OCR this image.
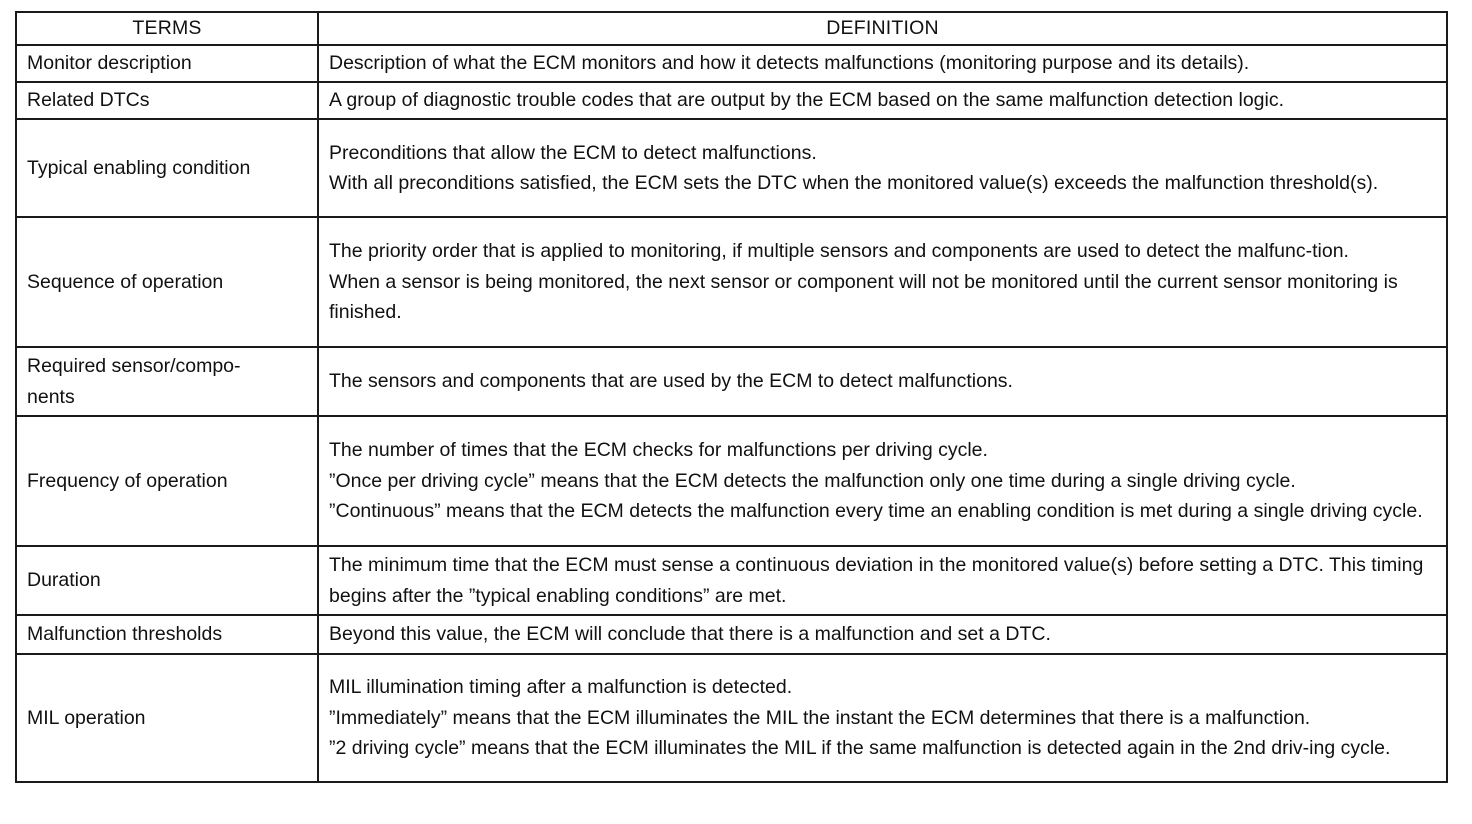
TERMS	DEFINITION
Monitor description	Description of what the ECM monitors and how it detects malfunctions (monitoring purpose and its details).

Related DTCs	A group of diagnostic trouble codes that are output by the ECM based on the same malfunction detection logic.

Typical enabling condition	Preconditions that allow the ECM to detect malfunctions.
With all preconditions satisfied, the ECM sets the DTC when the monitored value(s) exceeds the malfunction threshold(s).

Sequence of operation	The priority order that is applied to monitoring, if multiple sensors and components are used to detect the malfunc-tion.
When a sensor is being monitored, the next sensor or component will not be monitored until the current sensor monitoring is finished.

Required sensor/compo-nents	The sensors and components that are used by the ECM to detect malfunctions.

Frequency of operation	The number of times that the ECM checks for malfunctions per driving cycle.
”Once per driving cycle” means that the ECM detects the malfunction only one time during a single driving cycle.
”Continuous” means that the ECM detects the malfunction every time an enabling condition is met during a single driving cycle.

Duration	The minimum time that the ECM must sense a continuous deviation in the monitored value(s) before setting a DTC. This timing begins after the ”typical enabling conditions” are met.

Malfunction thresholds	Beyond this value, the ECM will conclude that there is a malfunction and set a DTC.

MIL operation	MIL illumination timing after a malfunction is detected.
”Immediately” means that the ECM illuminates the MIL the instant the ECM determines that there is a malfunction.
”2 driving cycle” means that the ECM illuminates the MIL if the same malfunction is detected again in the 2nd driv-ing cycle.
